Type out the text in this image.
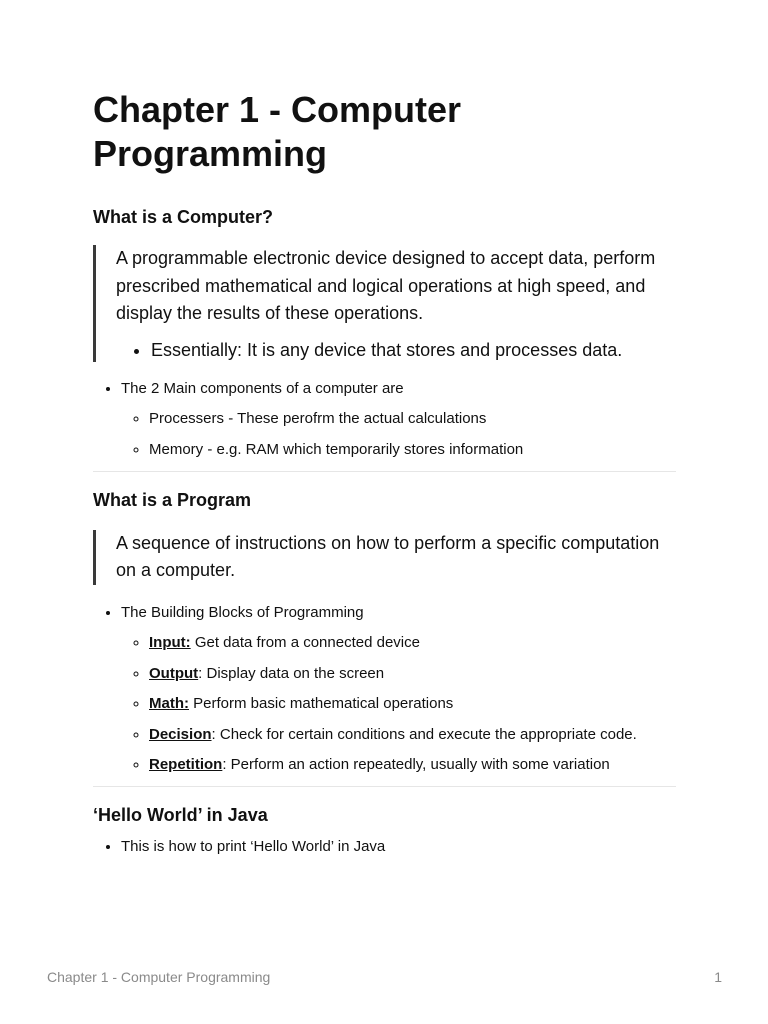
Chapter 1 - Computer Programming
What is a Computer?

A programmable electronic device designed to accept data, perform prescribed mathematical and logical operations at high speed, and display the results of these operations.

• Essentially: It is any device that stores and processes data.
• The 2 Main components of a computer are
◦ Processers - These perofrm the actual calculations
◦ Memory - e.g. RAM which temporarily stores information
What is a Program

A sequence of instructions on how to perform a specific computation on a computer.

• The Building Blocks of Programming
◦ Input: Get data from a connected device
◦ Output: Display data on the screen
◦ Math: Perform basic mathematical operations
◦ Decision: Check for certain conditions and execute the appropriate code.
◦ Repetition: Perform an action repeatedly, usually with some variation
‘Hello World’ in Java
• This is how to print ‘Hello World’ in Java
Chapter 1 - Computer Programming	1
